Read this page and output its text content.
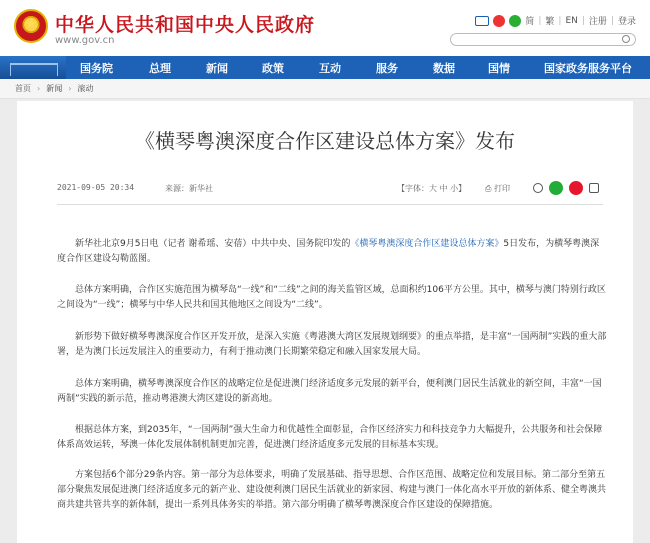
★ 中华人民共和国中央人民政府
www.gov.cn
简 | 繁 | EN | 注册 | 登录
国务院	总理	新闻	政策	互动	服务	数据	国情	国家政务服务平台
首页 › 新闻 › 滚动
《横琴粤澳深度合作区建设总体方案》发布
2021-09-05 20:34	来源：新华社	【字体：大 中 小】 ⎙ 打印

新华社北京9月5日电（记者 谢希瑶、安蓓）中共中央、国务院印发的《横琴粤澳深度合作区建设总体方案》5日发布，为横琴粤澳深度合作区建设勾勒蓝图。

总体方案明确，合作区实施范围为横琴岛“一线”和“二线”之间的海关监管区域，总面积约106平方公里。其中，横琴与澳门特别行政区之间设为“一线”；横琴与中华人民共和国其他地区之间设为“二线”。

新形势下做好横琴粤澳深度合作区开发开放，是深入实施《粤港澳大湾区发展规划纲要》的重点举措，是丰富“一国两制”实践的重大部署，是为澳门长远发展注入的重要动力，有利于推动澳门长期繁荣稳定和融入国家发展大局。

总体方案明确，横琴粤澳深度合作区的战略定位是促进澳门经济适度多元发展的新平台，便利澳门居民生活就业的新空间，丰富“一国两制”实践的新示范，推动粤港澳大湾区建设的新高地。

根据总体方案，到2035年，“一国两制”强大生命力和优越性全面彰显，合作区经济实力和科技竞争力大幅提升，公共服务和社会保障体系高效运转，琴澳一体化发展体制机制更加完善，促进澳门经济适度多元发展的目标基本实现。

方案包括6个部分29条内容。第一部分为总体要求，明确了发展基础、指导思想、合作区范围、战略定位和发展目标。第二部分至第五部分聚焦发展促进澳门经济适度多元的新产业、建设便利澳门居民生活就业的新家园、构建与澳门一体化高水平开放的新体系、健全粤澳共商共建共管共享的新体制，提出一系列具体务实的举措。第六部分明确了横琴粤澳深度合作区建设的保障措施。
